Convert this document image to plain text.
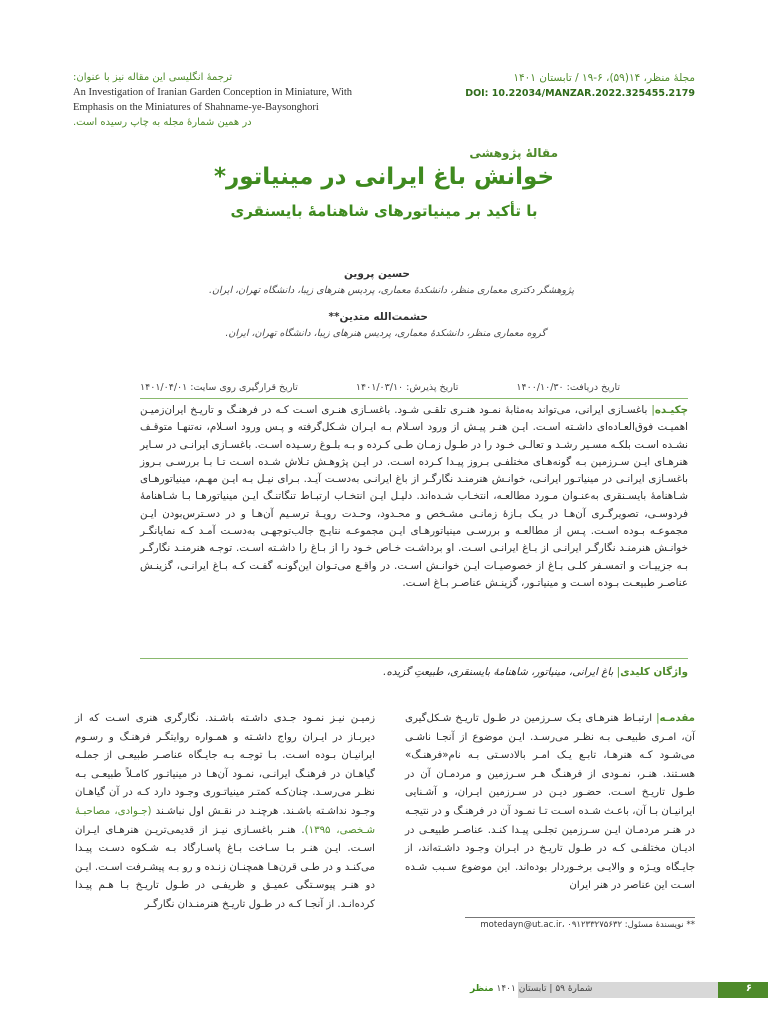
مجلهٔ منظر، ۱۴(۵۹)، ۶-۱۹ / تابستان ۱۴۰۱
DOI: 10.22034/MANZAR.2022.325455.2179
ترجمهٔ انگلیسی این مقاله نیز با عنوان:
An Investigation of Iranian Garden Conception in Miniature, With
Emphasis on the Miniatures of Shahname-ye-Baysonghori
در همین شمارهٔ مجله به چاپ رسیده است.
مقالهٔ پژوهشی
خوانش باغ ایرانی در مینیاتور*
با تأکید بر مینیاتورهای شاهنامهٔ بایسنقری
حسین پروین
پژوهشگر دکتری معماری منظر، دانشکدهٔ معماری، پردیس هنرهای زیبا، دانشگاه تهران، ایران.
حشمت‌الله متدین**
گروه معماری منظر، دانشکدهٔ معماری، پردیس هنرهای زیبا، دانشگاه تهران، ایران.
تاریخ دریافت: ۱۴۰۰/۱۰/۳۰
تاریخ پذیرش: ۱۴۰۱/۰۳/۱۰
تاریخ قرارگیری روی سایت: ۱۴۰۱/۰۴/۰۱
چکیـده| باغسـازی ایرانی، می‌تواند به‌مثابهٔ نمـود هنـری تلقـی شـود. باغسـازی هنـری اسـت کـه در فرهنـگ و تاریـخ ایران‌زمیـن اهمیـت فوق‌العـاده‌ای داشـته اسـت. ایـن هنـر پیـش از ورود اسـلام بـه ایـران شـکل‌گرفته و پـس ورود اسـلام، نه‌تنهـا متوقـف نشـده اسـت بلکـه مسـیر رشـد و تعالـی خـود را در طـول زمـان طـی کـرده و بـه بلـوغ رسـیده اسـت. باغسـازی ایرانـی در سـایر هنرهـای ایـن سـرزمین بـه گونه‌هـای مختلفـی بـروز پیـدا کـرده اسـت. در ایـن پژوهـش تـلاش شـده اسـت تـا بـا بررسـی بـروز باغسـازی ایرانـی در مینیاتـور ایرانـی، خوانـش هنرمنـد نگارگـر از باغ ایرانـی به‌دسـت آیـد. بـرای نیـل بـه ایـن مهـم، مینیاتورهـای شـاهنامهٔ بایسـنقری به‌عنـوان مـورد مطالعـه، انتخـاب شـده‌اند. دلیـل ایـن انتخـاب ارتبـاط تنگاتنـگ ایـن مینیاتورهـا بـا شـاهنامهٔ فردوسـی، تصویرگـری آن‌هـا در یـک بـازهٔ زمانـی مشـخص و محـدود، وحـدت رویـهٔ ترسـیم آن‌هـا و در دسـترس‌بودن ایـن مجموعـه بـوده اسـت. پـس از مطالعـه و بررسـی مینیاتورهـای ایـن مجموعـه نتایـج جالب‌توجهـی به‌دسـت آمـد کـه نمایانگـر خوانـش هنرمنـد نگارگـر ایرانـی از بـاغ ایرانـی اسـت. او برداشـت خـاص خـود را از بـاغ را داشـته اسـت. توجـه هنرمنـد نگارگـر بـه جزییـات و اتمسـفر کلـی بـاغ از خصوصیـات ایـن خوانـش اسـت. در واقـع می‌تـوان این‌گونـه گفـت کـه بـاغ ایرانـی، گزینـش عناصـر طبیعـت بـوده اسـت و مینیاتـور، گزینـش عناصـر بـاغ اسـت.
واژگان کلیدی| باغ ایرانی، مینیاتور، شاهنامهٔ بایسنقری، طبیعتِ گزیده.
مقدمـه| ارتبـاط هنرهـای یـک سـرزمین در طـول تاریـخ شـکل‌گیری آن، امـری طبیعـی بـه نظـر می‌رسـد. ایـن موضوع از آنجـا ناشـی می‌شـود کـه هنرهـا، تابـع یـک امـر بالادسـتی بـه نام«فرهنـگ» هسـتند. هنـر، نمـودی از فرهنـگ هـر سـرزمین و مردمـان آن در طـول تاریـخ اسـت. حضـور دیـن در سـرزمین ایـران، و آشـنایی ایرانیـان بـا آن، باعـث شـده اسـت تـا نمـود آن در فرهنـگ و در نتیجـه در هنـر مردمـان ایـن سـرزمین تجلـی پیـدا کنـد. عناصـر طبیعـی در ادیـان مختلفـی کـه در طـول تاریـخ در ایـران وجـود داشـته‌اند، از جایـگاه ویـژه و والایـی برخـوردار بوده‌اند. این موضوع سـبب شـده اسـت این عناصر در هنر ایران
زمیـن نیـز نمـود جـدی داشـته باشـند. نگارگری هنری اسـت که از دیربـاز در ایـران رواج داشـته و همـواره روایتگـر فرهنـگ و رسـوم ایرانیـان بـوده اسـت. بـا توجـه بـه جایـگاه عناصـر طبیعـی از جملـه گیاهـان در فرهنـگ ایرانـی، نمـود آن‌هـا در مینیاتـور کامـلاً طبیعـی بـه نظـر می‌رسـد. چنان‌کـه کمتـر مینیاتـوری وجـود دارد کـه در آن گیاهـان وجـود نداشـته باشـند. هرچنـد در نقـش اول نباشـند (جـوادی، مصاحبـهٔ شـخصی، ۱۳۹۵). هنـر باغسـازی نیـز از قدیمی‌تریـن هنرهـای ایـران اسـت. ایـن هنـر بـا سـاخت بـاغ پاسـارگاد بـه شـکوه دسـت پیـدا می‌کنـد و در طـی قرن‌هـا همچنـان زنـده و رو بـه پیشـرفت اسـت. ایـن دو هنـر پیوسـتگی عمیـق و ظریفـی در طـول تاریـخ بـا هـم پیـدا کرده‌انـد. از آنجـا کـه در طـول تاریـخ هنرمنـدان نگارگـر
** نویسندهٔ مسئول: ۰۹۱۲۳۳۲۷۵۶۳۲ ،motedayn@ut.ac.ir
شمارهٔ ۵۹ | تابستان ۱۴۰۱ منظر	۶
